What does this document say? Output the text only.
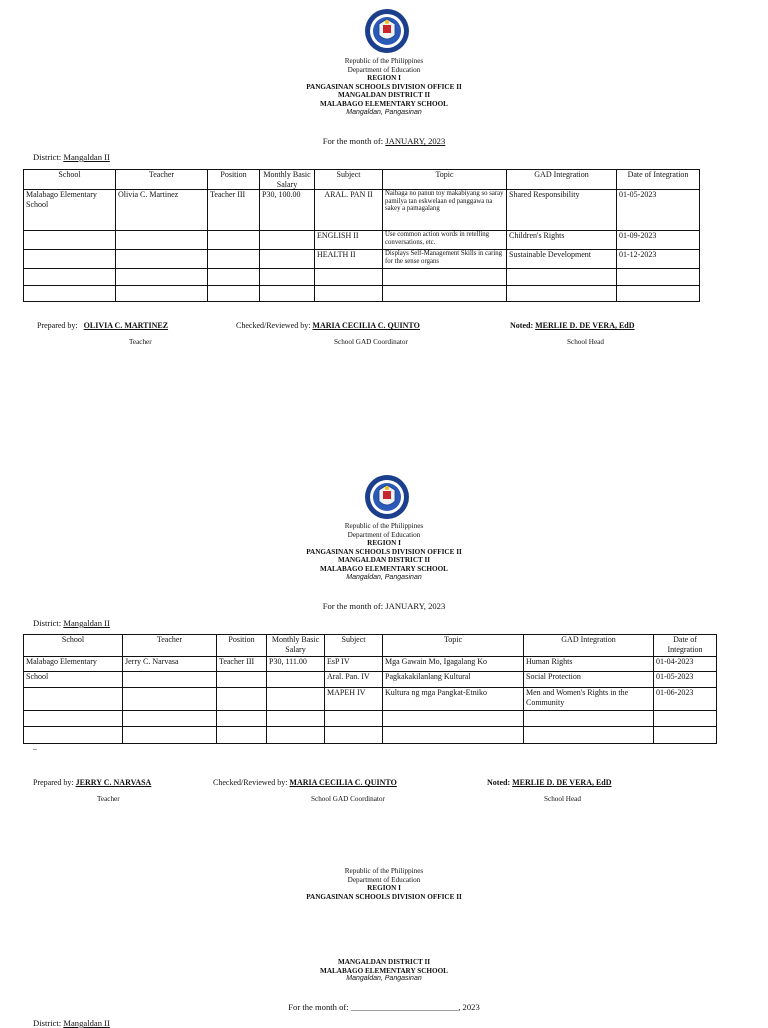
Republic of the Philippines
Department of Education
REGION I
PANGASINAN SCHOOLS DIVISION OFFICE II
MANGALDAN DISTRICT II
MALABAGO ELEMENTARY SCHOOL
Mangaldan, Pangasinan
For the month of: JANUARY, 2023
District: Mangaldan II
School	Teacher	Position	Monthly Basic Salary	Subject	Topic	GAD Integration	Date of Integration
Malabago Elementary School	Olivia C. Martinez	Teacher III	P30, 100.00	ARAL. PAN II	Naibaga no panun toy makabiyang so saray pamilya tan eskwelaan ed panggawa na sakey a pamagalang	Shared Responsibility	01-05-2023
				ENGLISH II	Use common action words in retelling conversations, etc.	Children's Rights	01-09-2023
				HEALTH II	Displays Self-Management Skills in caring for the sense organs	Sustainable Development	01-12-2023

Prepared by: OLIVIA C. MARTINEZ
Teacher
Checked/Reviewed by: MARIA CECILIA C. QUINTO
School GAD Coordinator
Noted: MERLIE D. DE VERA, EdD
School Head
Republic of the Philippines
Department of Education
REGION I
PANGASINAN SCHOOLS DIVISION OFFICE II
MANGALDAN DISTRICT II
MALABAGO ELEMENTARY SCHOOL
Mangaldan, Pangasinan
For the month of: JANUARY, 2023
District: Mangaldan II
School	Teacher	Position	Monthly Basic Salary	Subject	Topic	GAD Integration	Date of Integration
Malabago Elementary	Jerry C. Narvasa	Teacher III	P30, 111.00	EsP IV	Mga Gawain Mo, Igagalang Ko	Human Rights	01-04-2023
School				Aral. Pan. IV	Pagkakakilanlang Kultural	Social Protection	01-05-2023
				MAPEH IV	Kultura ng mga Pangkat-Etniko	Men and Women's Rights in the Community	01-06-2023

_
Prepared by: JERRY C. NARVASA
Teacher
Checked/Reviewed by: MARIA CECILIA C. QUINTO
School GAD Coordinator
Noted: MERLIE D. DE VERA, EdD
School Head
Republic of the Philippines
Department of Education
REGION I
PANGASINAN SCHOOLS DIVISION OFFICE II
MANGALDAN DISTRICT II
MALABAGO ELEMENTARY SCHOOL
Mangaldan, Pangasinan
For the month of: _________________________, 2023
District: Mangaldan II
